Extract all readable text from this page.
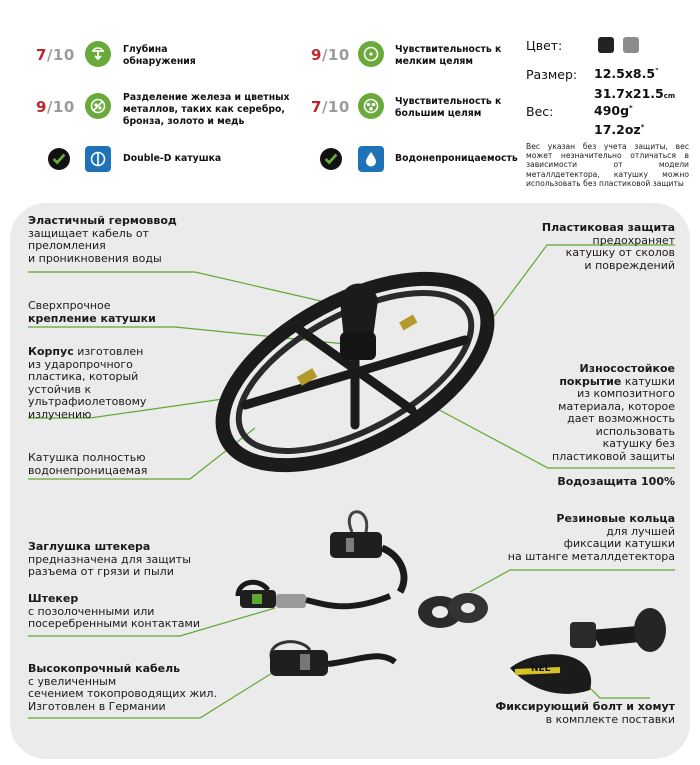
7/10	Глубина обнаружения
9/10
Разделение железа и цветных металлов, таких как серебро, бронза, золото и медь
Double-D катушка
9/10	Чувствительность к мелким целям
7/10	Чувствительность к большим целям
Водонепроницаемость
Цвет:
Размер: 12.5x8.5"
31.7x21.5cm
Вес:	490g*
17.2oz*
Вес указан без учета защиты, вес может незначительно отличаться в зависимости от модели металлдетектора, катушку можно использовать без пластиковой защиты
NEL
Эластичный гермоввод
защищает кабель от
преломления
и проникновения воды
Сверхпрочное
крепление катушки
Корпус изготовлен
из ударопрочного
пластика, который
устойчив к
ультрафиолетовому
излучению
Катушка полностью
водонепроницаемая
Заглушка штекера
предназначена для защиты
разъема от грязи и пыли
Штекер
с позолоченными или
посеребренными контактами
Высокопрочный кабель
с увеличенным
сечением токопроводящих жил.
Изготовлен в Германии
Пластиковая защита
предохраняет
катушку от сколов
и повреждений
Износостойкое
покрытие катушки
из композитного
материала, которое
дает возможность
использовать
катушку без
пластиковой защиты
Водозащита 100%
Резиновые кольца
для лучшей
фиксации катушки
на штанге металлдетектора
Фиксирующий болт и хомут
в комплекте поставки
